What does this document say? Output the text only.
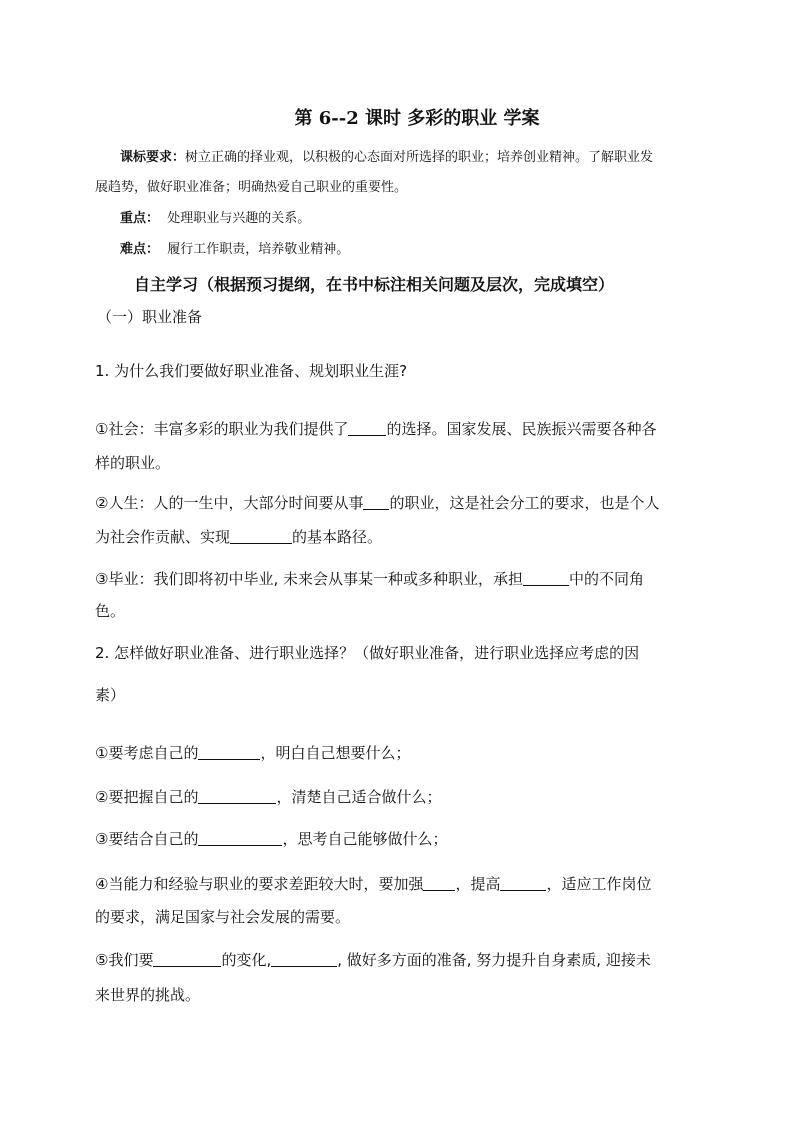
第 6--2 课时 多彩的职业 学案
课标要求：树立正确的择业观，以积极的心态面对所选择的职业；培养创业精神。了解职业发
展趋势，做好职业准备；明确热爱自己职业的重要性。
重点： 处理职业与兴趣的关系。
难点： 履行工作职责，培养敬业精神。
自主学习（根据预习提纲，在书中标注相关问题及层次，完成填空）
（一）职业准备
1. 为什么我们要做好职业准备、规划职业生涯?
①社会：丰富多彩的职业为我们提供了	的选择。国家发展、民族振兴需要各种各
样的职业。
②人生：人的一生中，大部分时间要从事 的职业，这是社会分工的要求，也是个人
为社会作贡献、实现	的基本路径。
③毕业：我们即将初中毕业, 未来会从事某一种或多种职业，承担	中的不同角
色。
2. 怎样做好职业准备、进行职业选择？（做好职业准备，进行职业选择应考虑的因
素）
①要考虑自己的	，明白自己想要什么；
②要把握自己的	，清楚自己适合做什么；
③要结合自己的	，思考自己能够做什么；
④当能力和经验与职业的要求差距较大时，要加强 ，提高	，适应工作岗位
的要求，满足国家与社会发展的需要。
⑤我们要	的变化,	, 做好多方面的准备, 努力提升自身素质, 迎接未
来世界的挑战。
